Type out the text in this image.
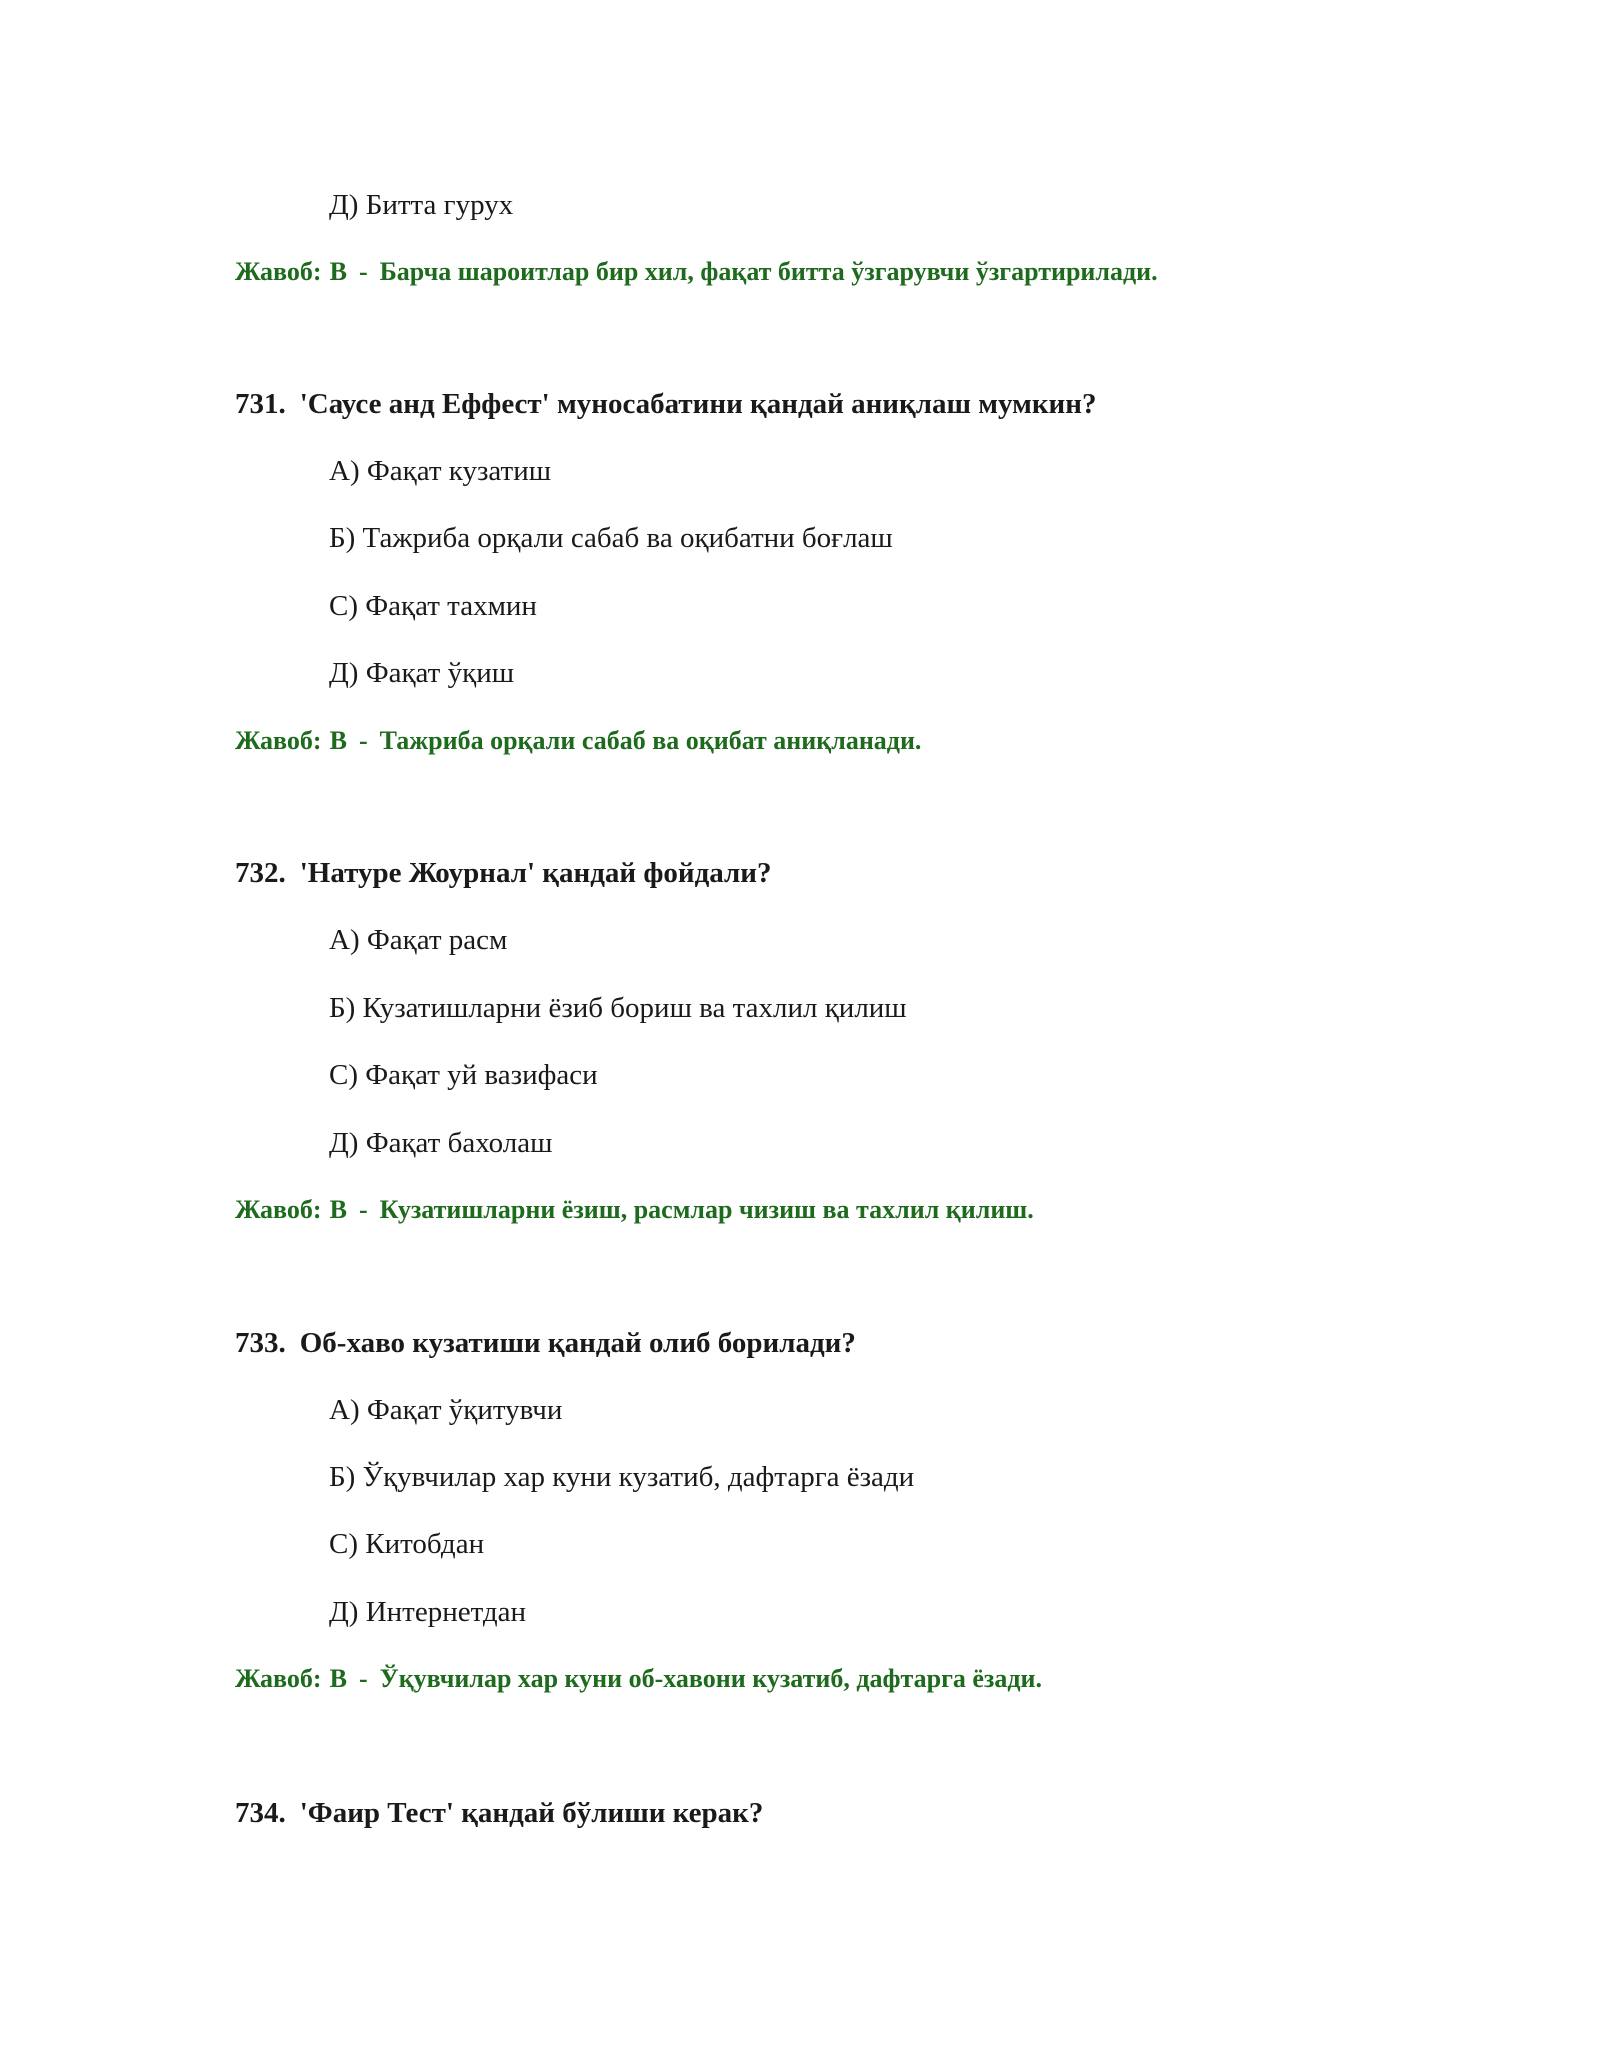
Д) Битта гурух
Жавоб: В - Барча шароитлар бир хил, фақат битта ўзгарувчи ўзгартирилади.
731. 'Саусе анд Еффест' муносабатини қандай аниқлаш мумкин?
А) Фақат кузатиш
Б) Тажриба орқали сабаб ва оқибатни боғлаш
С) Фақат тахмин
Д) Фақат ўқиш
Жавоб: В - Тажриба орқали сабаб ва оқибат аниқланади.
732. 'Натуре Жоурнал' қандай фойдали?
А) Фақат расм
Б) Кузатишларни ёзиб бориш ва тахлил қилиш
С) Фақат уй вазифаси
Д) Фақат бахолаш
Жавоб: В - Кузатишларни ёзиш, расмлар чизиш ва тахлил қилиш.
733. Об-хаво кузатиши қандай олиб борилади?
А) Фақат ўқитувчи
Б) Ўқувчилар хар куни кузатиб, дафтарга ёзади
С) Китобдан
Д) Интернетдан
Жавоб: В - Ўқувчилар хар куни об-хавони кузатиб, дафтарга ёзади.
734. 'Фаир Тест' қандай бўлиши керак?
